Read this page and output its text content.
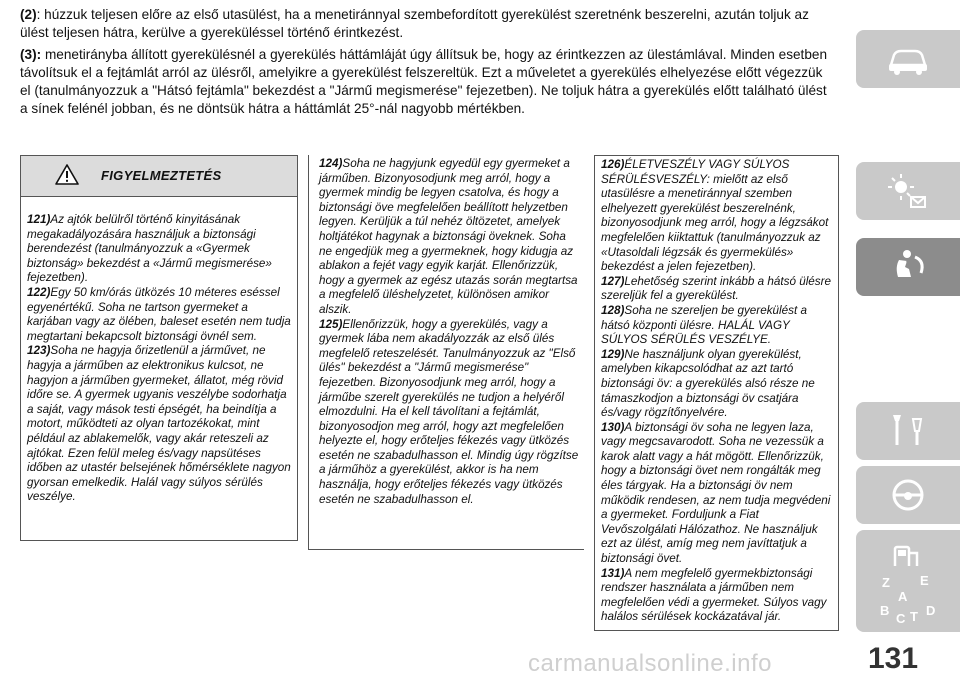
(2): húzzuk teljesen előre az első utasülést, ha a menetiránnyal szembefordított gyerekülést szeretnénk beszerelni, azután toljuk az ülést teljesen hátra, kerülve a gyereküléssel történő érintkezést.

(3): menetirányba állított gyerekülésnél a gyerekülés háttámláját úgy állítsuk be, hogy az érintkezzen az ülestámlával. Minden esetben távolítsuk el a fejtámlát arról az ülésről, amelyikre a gyerekülést felszereltük. Ezt a műveletet a gyerekülés elhelyezése előtt végezzük el (tanulmányozzuk a "Hátsó fejtámla" bekezdést a "Jármű megismerése" fejezetben). Ne toljuk hátra a gyerekülés előtt található ülést a sínek felénél jobban, és ne döntsük hátra a háttámlát 25°-nál nagyobb mértékben.

FIGYELMEZTETÉS

121)Az ajtók belülről történő kinyitásának megakadályozására használjuk a biztonsági berendezést (tanulmányozzuk a «Gyermek biztonság» bekezdést a «Jármű megismerése» fejezetben).

122)Egy 50 km/órás ütközés 10 méteres eséssel egyenértékű. Soha ne tartson gyermeket a karjában vagy az ölében, baleset esetén nem tudja megtartani bekapcsolt biztonsági övnél sem.

123)Soha ne hagyja őrizetlenül a járművet, ne hagyja a járműben az elektronikus kulcsot, ne hagyjon a járműben gyermeket, állatot, még rövid időre se. A gyermek ugyanis veszélybe sodorhatja a saját, vagy mások testi épségét, ha beindítja a motort, működteti az olyan tartozékokat, mint például az ablakemelők, vagy akár reteszeli az ajtókat. Ezen felül meleg és/vagy napsütéses időben az utastér belsejének hőmérséklete nagyon gyorsan emelkedik. Halál vagy súlyos sérülés veszélye.

124)Soha ne hagyjunk egyedül egy gyermeket a járműben. Bizonyosodjunk meg arról, hogy a gyermek mindig be legyen csatolva, és hogy a biztonsági öve megfelelően beállított helyzetben legyen. Kerüljük a túl nehéz öltözetet, amelyek holtjátékot hagynak a biztonsági öveknek. Soha ne engedjük meg a gyermeknek, hogy kidugja az ablakon a fejét vagy egyik karját. Ellenőrizzük, hogy a gyermek az egész utazás során megtartsa a megfelelő üléshelyzetet, különösen amikor alszik.

125)Ellenőrizzük, hogy a gyerekülés, vagy a gyermek lába nem akadályozzák az első ülés megfelelő reteszelését. Tanulmányozzuk az "Első ülés" bekezdést a "Jármű megismerése" fejezetben. Bizonyosodjunk meg arról, hogy a járműbe szerelt gyerekülés ne tudjon a helyéről elmozdulni. Ha el kell távolítani a fejtámlát, bizonyosodjon meg arról, hogy azt megfelelően helyezte el, hogy erőteljes fékezés vagy ütközés esetén ne szabadulhasson el. Mindig úgy rögzítse a járműhöz a gyerekülést, akkor is ha nem használja, hogy erőteljes fékezés vagy ütközés esetén ne szabadulhasson el.

126)ÉLETVESZÉLY VAGY SÚLYOS SÉRÜLÉSVESZÉLY: mielőtt az első utasülésre a menetiránnyal szemben elhelyezett gyerekülést beszerelnénk, bizonyosodjunk meg arról, hogy a légzsákot megfelelően kiiktattuk (tanulmányozzuk az «Utasoldali légzsák és gyermekülés» bekezdést a jelen fejezetben).

127)Lehetőség szerint inkább a hátsó ülésre szereljük fel a gyerekülést.

128)Soha ne szereljen be gyerekülést a hátsó központi ülésre. HALÁL VAGY SÚLYOS SÉRÜLÉS VESZÉLYE.

129)Ne használjunk olyan gyerekülést, amelyben kikapcsolódhat az azt tartó biztonsági öv: a gyerekülés alsó része ne támaszkodjon a biztonsági öv csatjára és/vagy rögzítőnyelvére.

130)A biztonsági öv soha ne legyen laza, vagy megcsavarodott. Soha ne vezessük a karok alatt vagy a hát mögött. Ellenőrizzük, hogy a biztonsági övet nem rongálták meg éles tárgyak. Ha a biztonsági öv nem működik rendesen, az nem tudja megvédeni a gyermeket. Forduljunk a Fiat Vevőszolgálati Hálózathoz. Ne használjuk ezt az ülést, amíg meg nem javíttatjuk a biztonsági övet.

131)A nem megfelelő gyermekbiztonsági rendszer használata a járműben nem megfelelően védi a gyermeket. Súlyos vagy halálos sérülések kockázatával jár.

Z E
A
B
C T D
carmanualsonline.info	131
